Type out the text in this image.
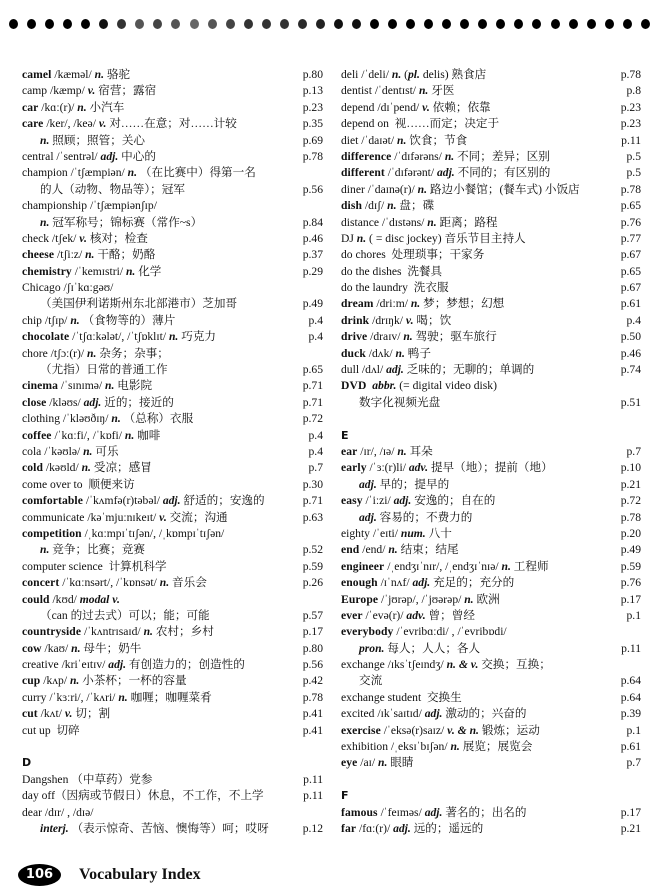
camel /kæməl/ n. 骆驼	p.80
camp /kæmp/ v. 宿营；露宿	p.13
car /kɑː(r)/ n. 小汽车	p.23
care /ker/, /keə/ v. 对……在意；对……计较	p.35
n. 照顾；照管；关心	p.69
central /ˈsentrəl/ adj. 中心的	p.78
champion /ˈtʃæmpiən/ n. （在比赛中）得第一名
的人（动物、物品等）；冠军	p.56
championship /ˈtʃæmpiənʃɪp/
n. 冠军称号；锦标赛（常作~s）	p.84
check /tʃek/ v. 核对；检查	p.46
cheese /tʃiːz/ n. 干酪；奶酪	p.37
chemistry /ˈkemɪstri/ n. 化学	p.29
Chicago /ʃɪˈkɑːgəʊ/
（美国伊利诺斯州东北部港市）芝加哥	p.49
chip /tʃɪp/ n. （食物等的）薄片	p.4
chocolate /ˈtʃɑːkələt/, /ˈtʃɒklɪt/ n. 巧克力	p.4
chore /tʃɔː(r)/ n. 杂务；杂事；
（尤指）日常的普通工作	p.65
cinema /ˈsɪnɪmə/ n. 电影院	p.71
close /kləʊs/ adj. 近的；接近的	p.71
clothing /ˈkləʊðɪŋ/ n. （总称）衣服	p.72
coffee /ˈkɑːfi/, /ˈkɒfi/ n. 咖啡	p.4
cola /ˈkəʊlə/ n. 可乐	p.4
cold /kəʊld/ n. 受凉；感冒	p.7
come over to  顺便来访	p.30
comfortable /ˈkʌmfə(r)təbəl/ adj. 舒适的；安逸的	p.71
communicate /kəˈmjuːnɪkeɪt/ v. 交流；沟通	p.63
competition /ˌkɑːmpɪˈtɪʃən/, /ˌkɒmpɪˈtɪʃən/
n. 竞争；比赛；竞赛	p.52
computer science  计算机科学	p.59
concert /ˈkɑːnsərt/, /ˈkɒnsət/ n. 音乐会	p.26
could /kʊd/ modal v.
（can 的过去式）可以；能；可能	p.57
countryside /ˈkʌntrɪsaɪd/ n. 农村；乡村	p.17
cow /kaʊ/ n. 母牛；奶牛	p.80
creative /kriˈeɪtɪv/ adj. 有创造力的；创造性的	p.56
cup /kʌp/ n. 小茶杯；一杯的容量	p.42
curry /ˈkɜːri/, /ˈkʌri/ n. 咖喱；咖喱菜肴	p.78
cut /kʌt/ v. 切；割	p.41
cut up  切碎	p.41
D
Dangshen （中草药）党参	p.11
day off（因病或节假日）休息，不工作，不上学	p.11
dear /dɪr/ , /dɪə/
interj. （表示惊奇、苦恼、懊悔等）呵；哎呀	p.12
deli /ˈdeli/ n. (pl. delis) 熟食店	p.78
dentist /ˈdentɪst/ n. 牙医	p.8
depend /dɪˈpend/ v. 依赖；依靠	p.23
depend on  视……而定；决定于	p.23
diet /ˈdaɪət/ n. 饮食；节食	p.11
difference /ˈdɪfərəns/ n. 不同；差异；区别	p.5
different /ˈdɪfərənt/ adj. 不同的；有区别的	p.5
diner /ˈdaɪnə(r)/ n. 路边小餐馆；(餐车式) 小饭店	p.78
dish /dɪʃ/ n. 盘；碟	p.65
distance /ˈdɪstəns/ n. 距离；路程	p.76
DJ n. ( = disc jockey) 音乐节目主持人	p.77
do chores  处理琐事；干家务	p.67
do the dishes  洗餐具	p.65
do the laundry  洗衣服	p.67
dream /driːm/ n. 梦；梦想；幻想	p.61
drink /drɪŋk/ v. 喝；饮	p.4
drive /draɪv/ n. 驾驶；驱车旅行	p.50
duck /dʌk/ n. 鸭子	p.46
dull /dʌl/ adj. 乏味的；无聊的；单调的	p.74
DVD abbr. (= digital video disk)
数字化视频光盘	p.51
E
ear /ɪr/, /ɪə/ n. 耳朵	p.7
early /ˈɜː(r)li/ adv. 提早（地）；提前（地）	p.10
adj. 早的；提早的	p.21
easy /ˈiːzi/ adj. 安逸的；自在的	p.72
adj. 容易的；不费力的	p.78
eighty /ˈeɪti/ num. 八十	p.20
end /end/ n. 结束；结尾	p.49
engineer /ˌendʒɪˈnɪr/, /ˌendʒɪˈnɪə/ n. 工程师	p.59
enough /ɪˈnʌf/ adj. 充足的；充分的	p.76
Europe /ˈjʊrəp/, /ˈjʊərəp/ n. 欧洲	p.17
ever /ˈevə(r)/ adv. 曾；曾经	p.1
everybody /ˈevribɑːdi/ , /ˈevribɒdi/
pron. 每人；人人；各人	p.11
exchange /ɪksˈtʃeɪndʒ/ n. & v. 交换；互换；
交流	p.64
exchange student  交换生	p.64
excited /ɪkˈsaɪtɪd/ adj. 激动的；兴奋的	p.39
exercise /ˈeksə(r)saɪz/ v. & n. 锻炼；运动	p.1
exhibition /ˌeksɪˈbɪʃən/ n. 展览；展览会	p.61
eye /aɪ/ n. 眼睛	p.7
F
famous /ˈfeɪməs/ adj. 著名的；出名的	p.17
far /fɑː(r)/ adj. 远的；遥远的	p.21
106	Vocabulary Index
